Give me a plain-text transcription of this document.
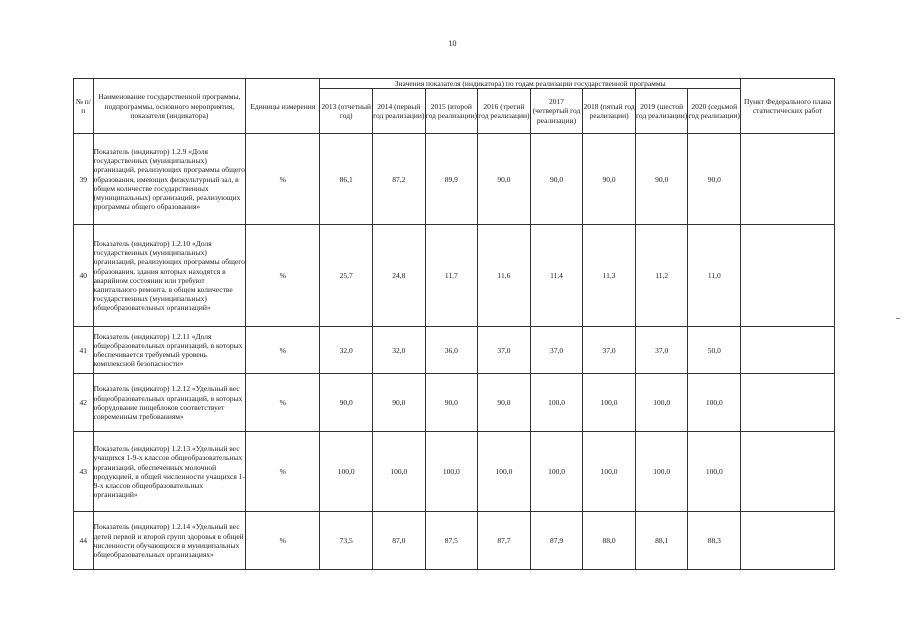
10
№ п/п	Наименование государственной программы, подпрограммы, основного мероприятия, показателя (индикатора)	Единицы измерения	Значения показателя (индикатора) по годам реализации государственной программы								Пункт Федерального плана статистических работ
			2013 (отчетный год)	2014 (первый год реализации)	2015 (второй год реализации)	2016 (третий год реализации)	2017 (четвертый год реализации)	2018 (пятый год реализации)	2019 (шестой год реализации)	2020 (седьмой год реализации)	
39	Показатель (индикатор) 1.2.9 «Доля государственных (муниципальных) организаций, реализующих программы общего образования, имеющих физкультурный зал, в общем количестве государственных (муниципальных) организаций, реализующих программы общего образования»	%	86,1	87,2	89,9	90,0	90,0	90,0	90,0	90,0	
40	Показатель (индикатор) 1.2.10 «Доля государственных (муниципальных) организаций, реализующих программы общего образования, здания которых находятся в аварийном состоянии или требуют капитального ремонта, в общем количестве государственных (муниципальных) общеобразовательных организаций»	%	25,7	24,8	11,7	11,6	11,4	11,3	11,2	11,0	
41	Показатель (индикатор) 1.2.11 «Доля общеобразовательных организаций, в которых обеспечивается требуемый уровень комплексной безопасности»	%	32,0	32,0	36,0	37,0	37,0	37,0	37,0	50,0	
42	Показатель (индикатор) 1.2.12 «Удельный вес общеобразовательных организаций, в которых оборудование пищеблоков соответствует современным требованиям»	%	90,0	90,0	90,0	90,0	100,0	100,0	100,0	100,0	
43	Показатель (индикатор) 1.2.13 «Удельный вес учащихся 1-9-х классов общеобразовательных организаций, обеспеченных молочной продукцией, в общей численности учащихся 1-9-х классов общеобразовательных организаций»	%	100,0	100,0	100,0	100,0	100,0	100,0	100,0	100,0	
44	Показатель (индикатор) 1.2.14 «Удельный вес детей первой и второй групп здоровья в общей численности обучающихся в муниципальных общеобразовательных организациях»	%	73,5	87,0	87,5	87,7	87,9	88,0	88,1	88,3	
